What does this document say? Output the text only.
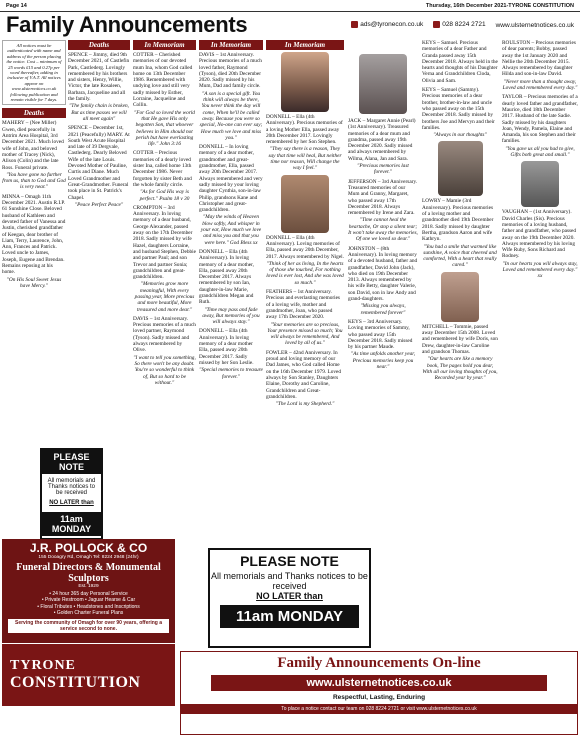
Page 14	Thursday, 16th December 2021-TYRONE CONSTITUTION
Family Announcements	ads@tyronecon.co.uk	028 8224 2721 www.ulsternetnotices.co.uk
All notices must be authenticated with name and address of the person placing the notice. Cost – minimum of 25 words £15 and 0.27p per word thereafter, adding in inclusive of V.A.T. All notices appear on www.ulsternotices.co.uk following publication and remain visible for 7 days.
Deaths
MAHERY – (Nee Miller) Gwen, died peacefully in Antrim Area Hospital, 3rd December 2021. Much loved wife of John, and beloved mother of Tracey (Nick), Alison (Colin) and the late Ross. Funeral private.
"You have gone no further from us, than to God and God is very near."
MINNA – Omagh 11th December 2021. Austin R.I.P. 61 Sunshine Close. Beloved husband of Kathleen and devoted father of Vanessa and Justin, cherished grandfather of Keegan, dear brother of Liam, Terry, Laurence, John, Ann, Frances and Patrick. Loved uncle to James, Joseph, Eugene and Brendan. Remains reposing at his home.
"On His Soul Sweet Jesus have Mercy."
Deaths
SPENCE – Jimmy, died 9th December 2021, of Castlefin Park, Castlederg. Lovingly remembered by his brothers and sisters, Henry, Willie, Victor, the late Rosaleen, Barbara, Jacqueline and all the family.
"The family chain is broken, But as time passes we will all meet again"
SPENCE – December 1st, 2021 (Peacefully) MARY. At South West Acute Hospital and late of 39 Dergvale, Castlederg. Dearly Beloved Wife of the late Louis. Devoted Mother of Pauline, Curtis and Diane. Much Loved Grandmother and Great-Grandmother. Funeral took place in St. Patrick's Chapel.
"Peace Perfect Peace"
PLEASE NOTE
All memorials and Thanks notices to be received
NO LATER than
11am MONDAY
In Memoriam
COTTER – Cherished memories of our devoted mum Ina, whom God called home on 13th December 1986. Remembered with undying love and still very sadly missed by Esther, Lorraine, Jacqueline and Collin.
"For God so loved the world that He gave His only begotten Son, that whoever believes in Him should not perish but have everlasting life." John 3:16
COTTER – Precious memories of a dearly loved sister Ina, called home 13th December 1986. Never forgotten by sister Beth and the whole family circle.
"As for God His way is perfect." Psalm 18 v 30
CROMPTON – 3rd Anniversary. In loving memory of a dear husband, George Alexander, passed away on the 17th December 2018. Sadly missed by wife Hazel, daughters Lorraine, and husband Stephen, Debbie and partner Paul; and son Trevor and partner Sonia; grandchildren and great-grandchildren.
"Memories grow more meaningful, With every passing year, More precious and more beautiful, More treasured and more dear."
DAVIS – 1st Anniversary. Precious memories of a much loved partner, Raymond (Tyson). Sadly missed and always remembered by Olive.
"I want to tell you something, So there won't be any doubt. You're so wonderful to think of, But so hard to be without."
In Memoriam
DAVIS – 1st Anniversary. Precious memories of a much loved father, Raymond (Tyson), died 20th December 2020. Sadly missed by his Mum, Dad and family circle.
"A son is a special gift. You think will always be there, You never think the day will come, When he'll be called away. Because you were so special, No-one can ever say; How much we love and miss you."
DONNELL – In loving memory of a dear mother, grandmother and great-grandmother, Ella, passed away 20th December 2017. Always remembered and very sadly missed by your loving daughter Cynthia, son-in-law Philip, grandsons Kane and Christopher and great-grandchildren.
"May the winds of Heaven blow softly, And whisper in your ear, How much we love and miss you and that you were here." God Bless xx
DONNELL – Ella (4th Anniversary). In loving memory of a dear mother, Ella, passed away 20th December 2017. Always remembered by son Ian, daughter-in-law Marie, grandchildren Megan and Ruth.
"Time may pass and fade away, But memories of you will always stay."
DONNELL – Ella (4th Anniversary). In loving memory of a dear mother Ella, passed away 20th December 2017. Sadly missed by her Son Leslie.
"Special memories to treasure forever."
In Memoriam
DONNELL – Ella (4th Anniversary). Precious memories of a loving Mother Ella, passed away 20th December 2017. Lovingly remembered by her Son Stephen.
"They say there is a reason, They say that time will heal, But neither time nor reason, Will change the way I feel."
DONNELL – Ella (4th Anniversary). Loving memories of Ella, passed away 20th December, 2017. Always remembered by Nigel.
"Think of her as living, In the hearts of those she touched, For nothing loved is ever lost, And she was loved so much."
FEATHERS – 1st Anniversary. Precious and everlasting memories of a loving wife, mother and grandmother, Joan, who passed away 17th December 2020.
"Your memories are so precious, Your presence missed so much; You will always be remembered, And loved by all of us."
FOWLER – 42nd Anniversary. In proud and loving memory of our Dad James, who God called Home on the 16th December 1979. Loved always by Son Stanley, Daughters Elaine, Dorothy and Caroline, Grandchildren and Great-grandchildren.
"The Lord is my Shepherd."
JACK – Margaret Annie (Pearl) (1st Anniversary). Treasured memories of a dear mum and grandma, passed away 19th December 2020. Sadly missed and always remembered by Wilma, Alana, Jan and Sara.
"Precious memories last forever."
JEFFERSON – 3rd Anniversary. Treasured memories of our Mum and Granny, Margaret, who passed away 17th December 2018. Always remembered by Irene and Zara.
"Time cannot heal the heartache, Or stop a silent tear; It won't take away the memories, Of one we loved so dear."
JOHNSTON – (8th Anniversary). In loving memory of a devoted husband, father and grandfather, David John (Jack), who died on 19th December 2013. Always remembered by his wife Betty, daughter Valerie, son David, son in law Andy and grand-daughters.
"Missing you always, remembered forever"
KEYS – 3rd Anniversary. Loving memories of Sammy, who passed away 15th December 2018. Sadly missed by his partner Maude.
"As time unfolds another year, Precious memories keep you near."
KEYS – Samuel. Precious memories of a dear Father and Granda passed away 15th December 2018. Always held in the hearts and thoughts of his Daughter Verna and Grandchildren Cloda, Olivia and Sam.
KEYS – Samuel (Sammy). Precious memories of a dear brother, brother-in-law and uncle who passed away on the 15th December 2018. Sadly missed by brothers Joe and Mervyn and their families.
"Always in our thoughts"
LOWRY – Mamie (3rd Anniversary). Precious memories of a loving mother and grandmother died 19th December 2018. Sadly missed by daughter Bertha, grandson Aaron and wife Kathryn.
"You had a smile that warmed like sunshine, A voice that cheered and comforted, With a heart that really cared."
MITCHELL – Tommie, passed away December 15th 2008. Loved and remembered by wife Doris, son Drew, daughter-in-law Caroline and grandson Thomas.
"Our hearts are like a memory book, The pages hold you dear, With all our loving thoughts of you, Recorded year by year."
ROULSTON – Precious memories of dear parents; Bobby, passed away the 1st January 2020 and Nellie the 20th December 2015. Always remembered by daughter Hilda and son-in-law David.
"Never more than a thought away, Loved and remembered every day."
TAYLOR – Precious memories of a dearly loved father and grandfather, Maurice, died 18th December 2017. Husband of the late Sadie. Sadly missed by his daughters Joan, Wendy, Pamela, Elaine and Amanda, his son Stephen and their families.
"You gave us all you had to give, Gifts both great and small."
VAUGHAN – (1st Anniversary). David Charles (Sis). Precious memories of a loving husband, father and grandfather, who passed away on the 19th December 2020. Always remembered by his loving Wife Ruby, Sons Richard and Rodney.
"In our hearts you will always stay, Loved and remembered every day." xx
J.R. POLLOCK & CO
155 Dooagry Rd, Omagh Tel: 8224 2948 (24hr)
Funeral Directors & Monumental Sculptors
Est. 1929
• 24 hour 365 day Personal Service
• Private Restroom • Jaguar Hearse & Car
• Floral Tributes • Headstones and Inscriptions
• Golden Charter Funeral Plans
Serving the community of Omagh for over 90 years, offering a service second to none.
TYRONE
CONSTITUTION
PLEASE NOTE
All memorials and Thanks notices to be received
NO LATER than
11am MONDAY
Family Announcements On-line
www.ulsternetnotices.co.uk
Respectful, Lasting, Enduring
To place a notice contact our team on 028 8224 2721 or visit www.ulsternetnotices.co.uk
